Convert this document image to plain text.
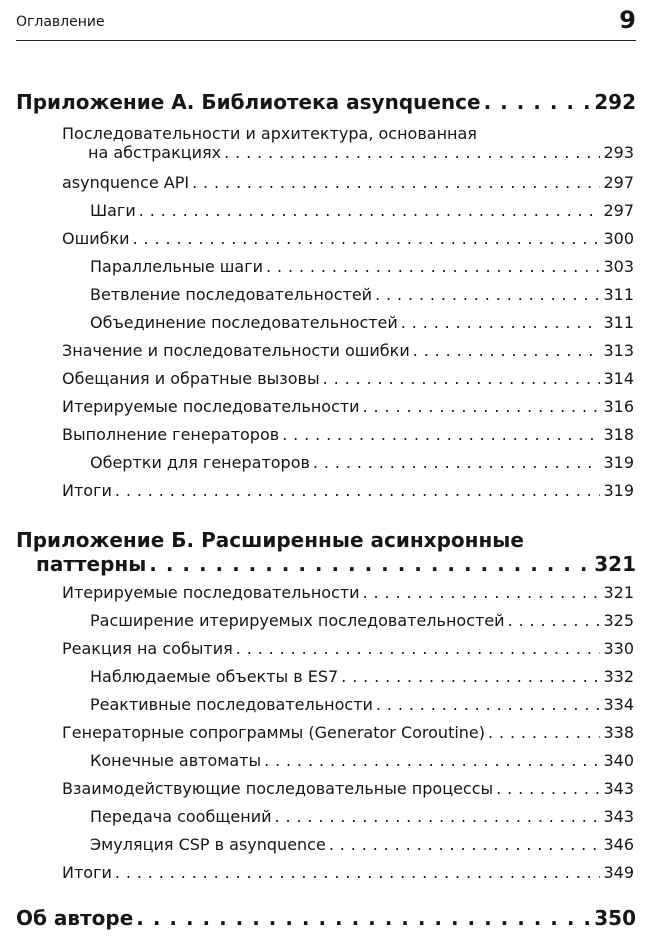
Оглавление	9
Приложение А. Библиотека asynquence . . .	292
Последовательности и архитектура, основанная
на абстракциях . . .	293
asynquence API . . .	297
Шаги . . .	297
Ошибки . . .	300
Параллельные шаги . . .	303
Ветвление последовательностей . . .	311
Объединение последовательностей . . .	311
Значение и последовательности ошибки . . .	313
Обещания и обратные вызовы . . .	314
Итерируемые последовательности . . .	316
Выполнение генераторов . . .	318
Обертки для генераторов . . .	319
Итоги . . .	319
Приложение Б. Расширенные асинхронные
паттерны . . .	321
Итерируемые последовательности . . .	321
Расширение итерируемых последовательностей . . .	325
Реакция на события . . .	330
Наблюдаемые объекты в ES7 . . .	332
Реактивные последовательности . . .	334
Генераторные сопрограммы (Generator Coroutine) . . .	338
Конечные автоматы . . .	340
Взаимодействующие последовательные процессы . . .	343
Передача сообщений . . .	343
Эмуляция CSP в asynquence . . .	346
Итоги . . .	349
Об авторе . . .	350
